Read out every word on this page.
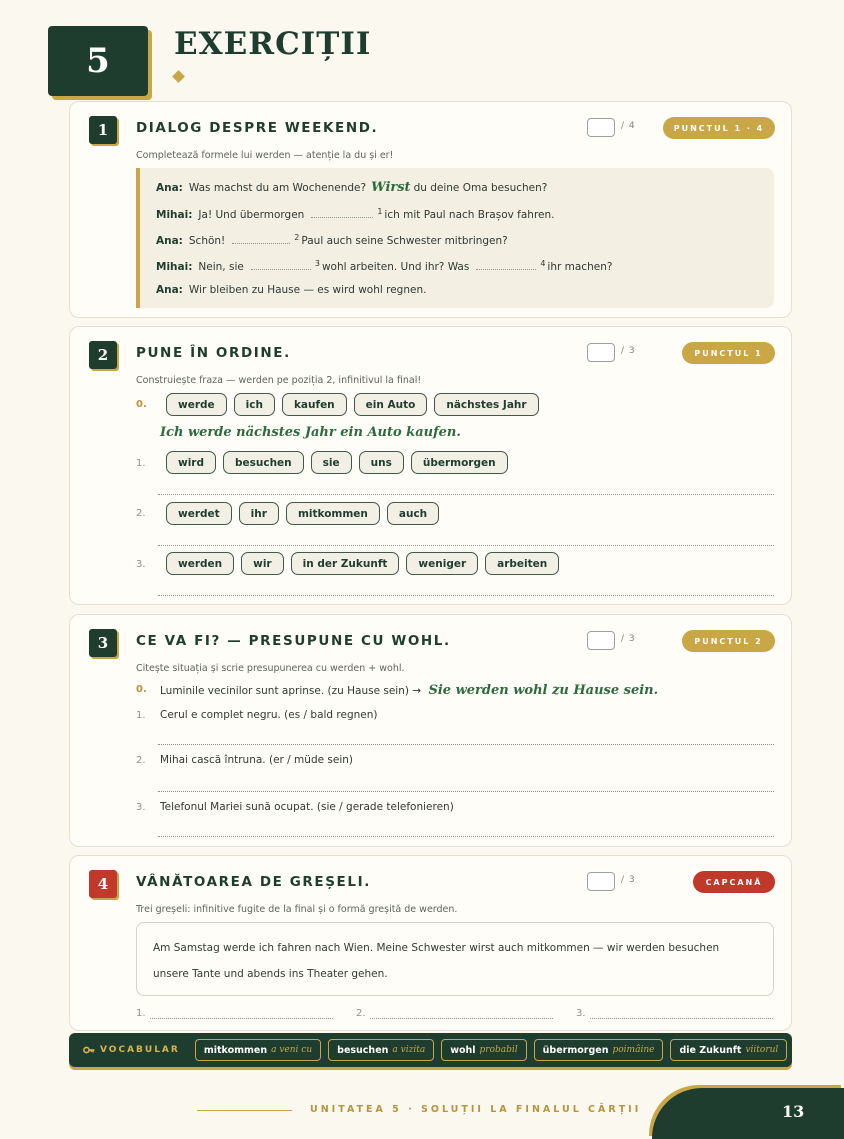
5 EXERCIȚII
1	DIALOG DESPRE WEEKEND.	/ 4	PUNCTUL 1 · 4
Completează formele lui werden — atenție la du și er!
Ana: Was machst du am Wochenende? Wirst du deine Oma besuchen?
Mihai: Ja! Und übermorgen	1 ich mit Paul nach Brașov fahren.
Ana: Schön!	2 Paul auch seine Schwester mitbringen?
Mihai: Nein, sie	3 wohl arbeiten. Und ihr? Was	4 ihr machen?
Ana: Wir bleiben zu Hause — es wird wohl regnen.
2	PUNE ÎN ORDINE.	/ 3	PUNCTUL 1
Construiește fraza — werden pe poziția 2, infinitivul la final!
0.	werde	ich	kaufen	ein Auto	nächstes Jahr
Ich werde nächstes Jahr ein Auto kaufen.
1.	wird	besuchen	sie	uns	übermorgen
2.	werdet	ihr	mitkommen	auch
3.	werden	wir	in der Zukunft	weniger	arbeiten
3	CE VA FI? — PRESUPUNE CU WOHL.	/ 3	PUNCTUL 2
Citește situația și scrie presupunerea cu werden + wohl.
0. Luminile vecinilor sunt aprinse. (zu Hause sein) → Sie werden wohl zu Hause sein.
1. Cerul e complet negru. (es / bald regnen)
2. Mihai cască întruna. (er / müde sein)
3. Telefonul Mariei sună ocupat. (sie / gerade telefonieren)
4	VÂNĂTOAREA DE GREȘELI.	/ 3	CAPCANĂ
Trei greșeli: infinitive fugite de la final și o formă greșită de werden.
Am Samstag werde ich fahren nach Wien. Meine Schwester wirst auch mitkommen — wir werden besuchen
unsere Tante und abends ins Theater gehen.
1.	2.	3.
VOCABULAR	mitkommen a veni cu	besuchen a vizita	wohl probabil	übermorgen poimâine	die Zukunft viitorul
UNITATEA 5 · SOLUȚII LA FINALUL CĂRȚII	13
